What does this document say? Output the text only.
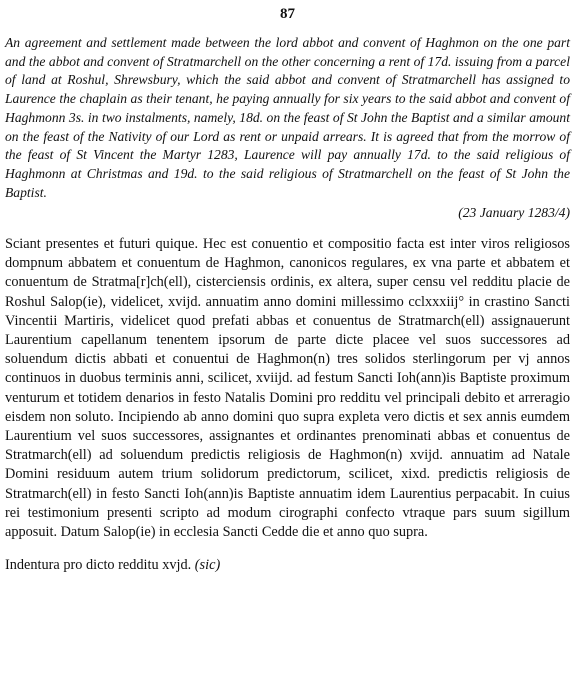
87

An agreement and settlement made between the lord abbot and convent of Haghmon on the one part and the abbot and convent of Stratmarchell on the other concerning a rent of 17d. issuing from a parcel of land at Roshul, Shrewsbury, which the said abbot and convent of Stratmarchell has assigned to Laurence the chaplain as their tenant, he paying annually for six years to the said abbot and convent of Haghmonn 3s. in two instalments, namely, 18d. on the feast of St John the Baptist and a similar amount on the feast of the Nativity of our Lord as rent or unpaid arrears. It is agreed that from the morrow of the feast of St Vincent the Martyr 1283, Laurence will pay annually 17d. to the said religious of Haghmonn at Christmas and 19d. to the said religious of Stratmarchell on the feast of St John the Baptist.

(23 January 1283/4)

Sciant presentes et futuri quique. Hec est conuentio et compositio facta est inter viros religiosos dompnum abbatem et conuentum de Haghmon, canonicos regulares, ex vna parte et abbatem et conuentum de Stratma[r]ch(ell), cisterciensis ordinis, ex altera, super censu vel redditu placie de Roshul Salop(ie), videlicet, xvijd. annuatim anno domini millessimo cclxxxiij° in crastino Sancti Vincentii Martiris, videlicet quod prefati abbas et conuentus de Stratmarch(ell) assignauerunt Laurentium capellanum tenentem ipsorum de parte dicte placee vel suos successores ad soluendum dictis abbati et conuentui de Haghmon(n) tres solidos sterlingorum per vj annos continuos in duobus terminis anni, scilicet, xviijd. ad festum Sancti Ioh(ann)is Baptiste proximum venturum et totidem denarios in festo Natalis Domini pro redditu vel principali debito et arreragio eisdem non soluto. Incipiendo ab anno domini quo supra expleta vero dictis et sex annis eumdem Laurentium vel suos successores, assignantes et ordinantes prenominati abbas et conuentus de Stratmarch(ell) ad soluendum predictis religiosis de Haghmon(n) xvijd. annuatim ad Natale Domini residuum autem trium solidorum predictorum, scilicet, xixd. predictis religiosis de Stratmarch(ell) in festo Sancti Ioh(ann)is Baptiste annuatim idem Laurentius perpacabit. In cuius rei testimonium presenti scripto ad modum cirographi confecto vtraque pars suum sigillum apposuit. Datum Salop(ie) in ecclesia Sancti Cedde die et anno quo supra.

Indentura pro dicto redditu xvjd. (sic)
